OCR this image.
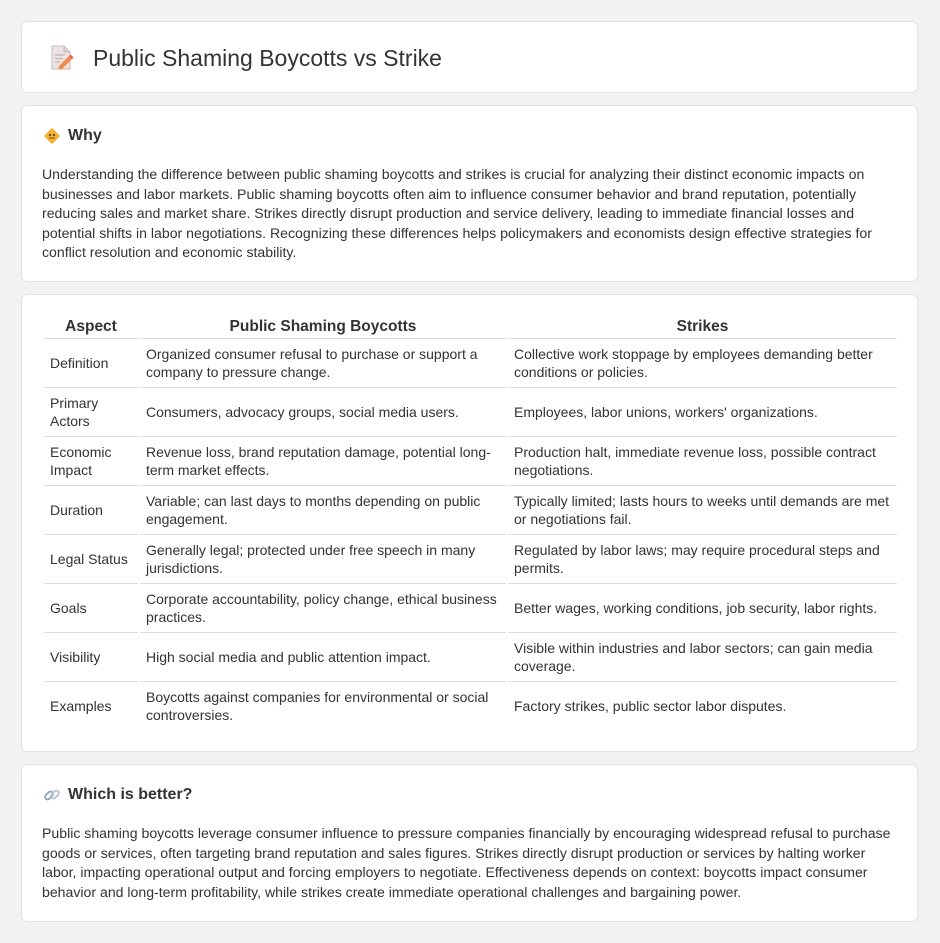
Public Shaming Boycotts vs Strike
Why
Understanding the difference between public shaming boycotts and strikes is crucial for analyzing their distinct economic impacts on businesses and labor markets. Public shaming boycotts often aim to influence consumer behavior and brand reputation, potentially reducing sales and market share. Strikes directly disrupt production and service delivery, leading to immediate financial losses and potential shifts in labor negotiations. Recognizing these differences helps policymakers and economists design effective strategies for conflict resolution and economic stability.
Aspect	Public Shaming Boycotts	Strikes
Definition	Organized consumer refusal to purchase or support a company to pressure change.	Collective work stoppage by employees demanding better conditions or policies.
Primary Actors	Consumers, advocacy groups, social media users.	Employees, labor unions, workers' organizations.
Economic Impact	Revenue loss, brand reputation damage, potential long-term market effects.	Production halt, immediate revenue loss, possible contract negotiations.
Duration	Variable; can last days to months depending on public engagement.	Typically limited; lasts hours to weeks until demands are met or negotiations fail.
Legal Status	Generally legal; protected under free speech in many jurisdictions.	Regulated by labor laws; may require procedural steps and permits.
Goals	Corporate accountability, policy change, ethical business practices.	Better wages, working conditions, job security, labor rights.
Visibility	High social media and public attention impact.	Visible within industries and labor sectors; can gain media coverage.
Examples	Boycotts against companies for environmental or social controversies.	Factory strikes, public sector labor disputes.
Which is better?
Public shaming boycotts leverage consumer influence to pressure companies financially by encouraging widespread refusal to purchase goods or services, often targeting brand reputation and sales figures. Strikes directly disrupt production or services by halting worker labor, impacting operational output and forcing employers to negotiate. Effectiveness depends on context: boycotts impact consumer behavior and long-term profitability, while strikes create immediate operational challenges and bargaining power.
